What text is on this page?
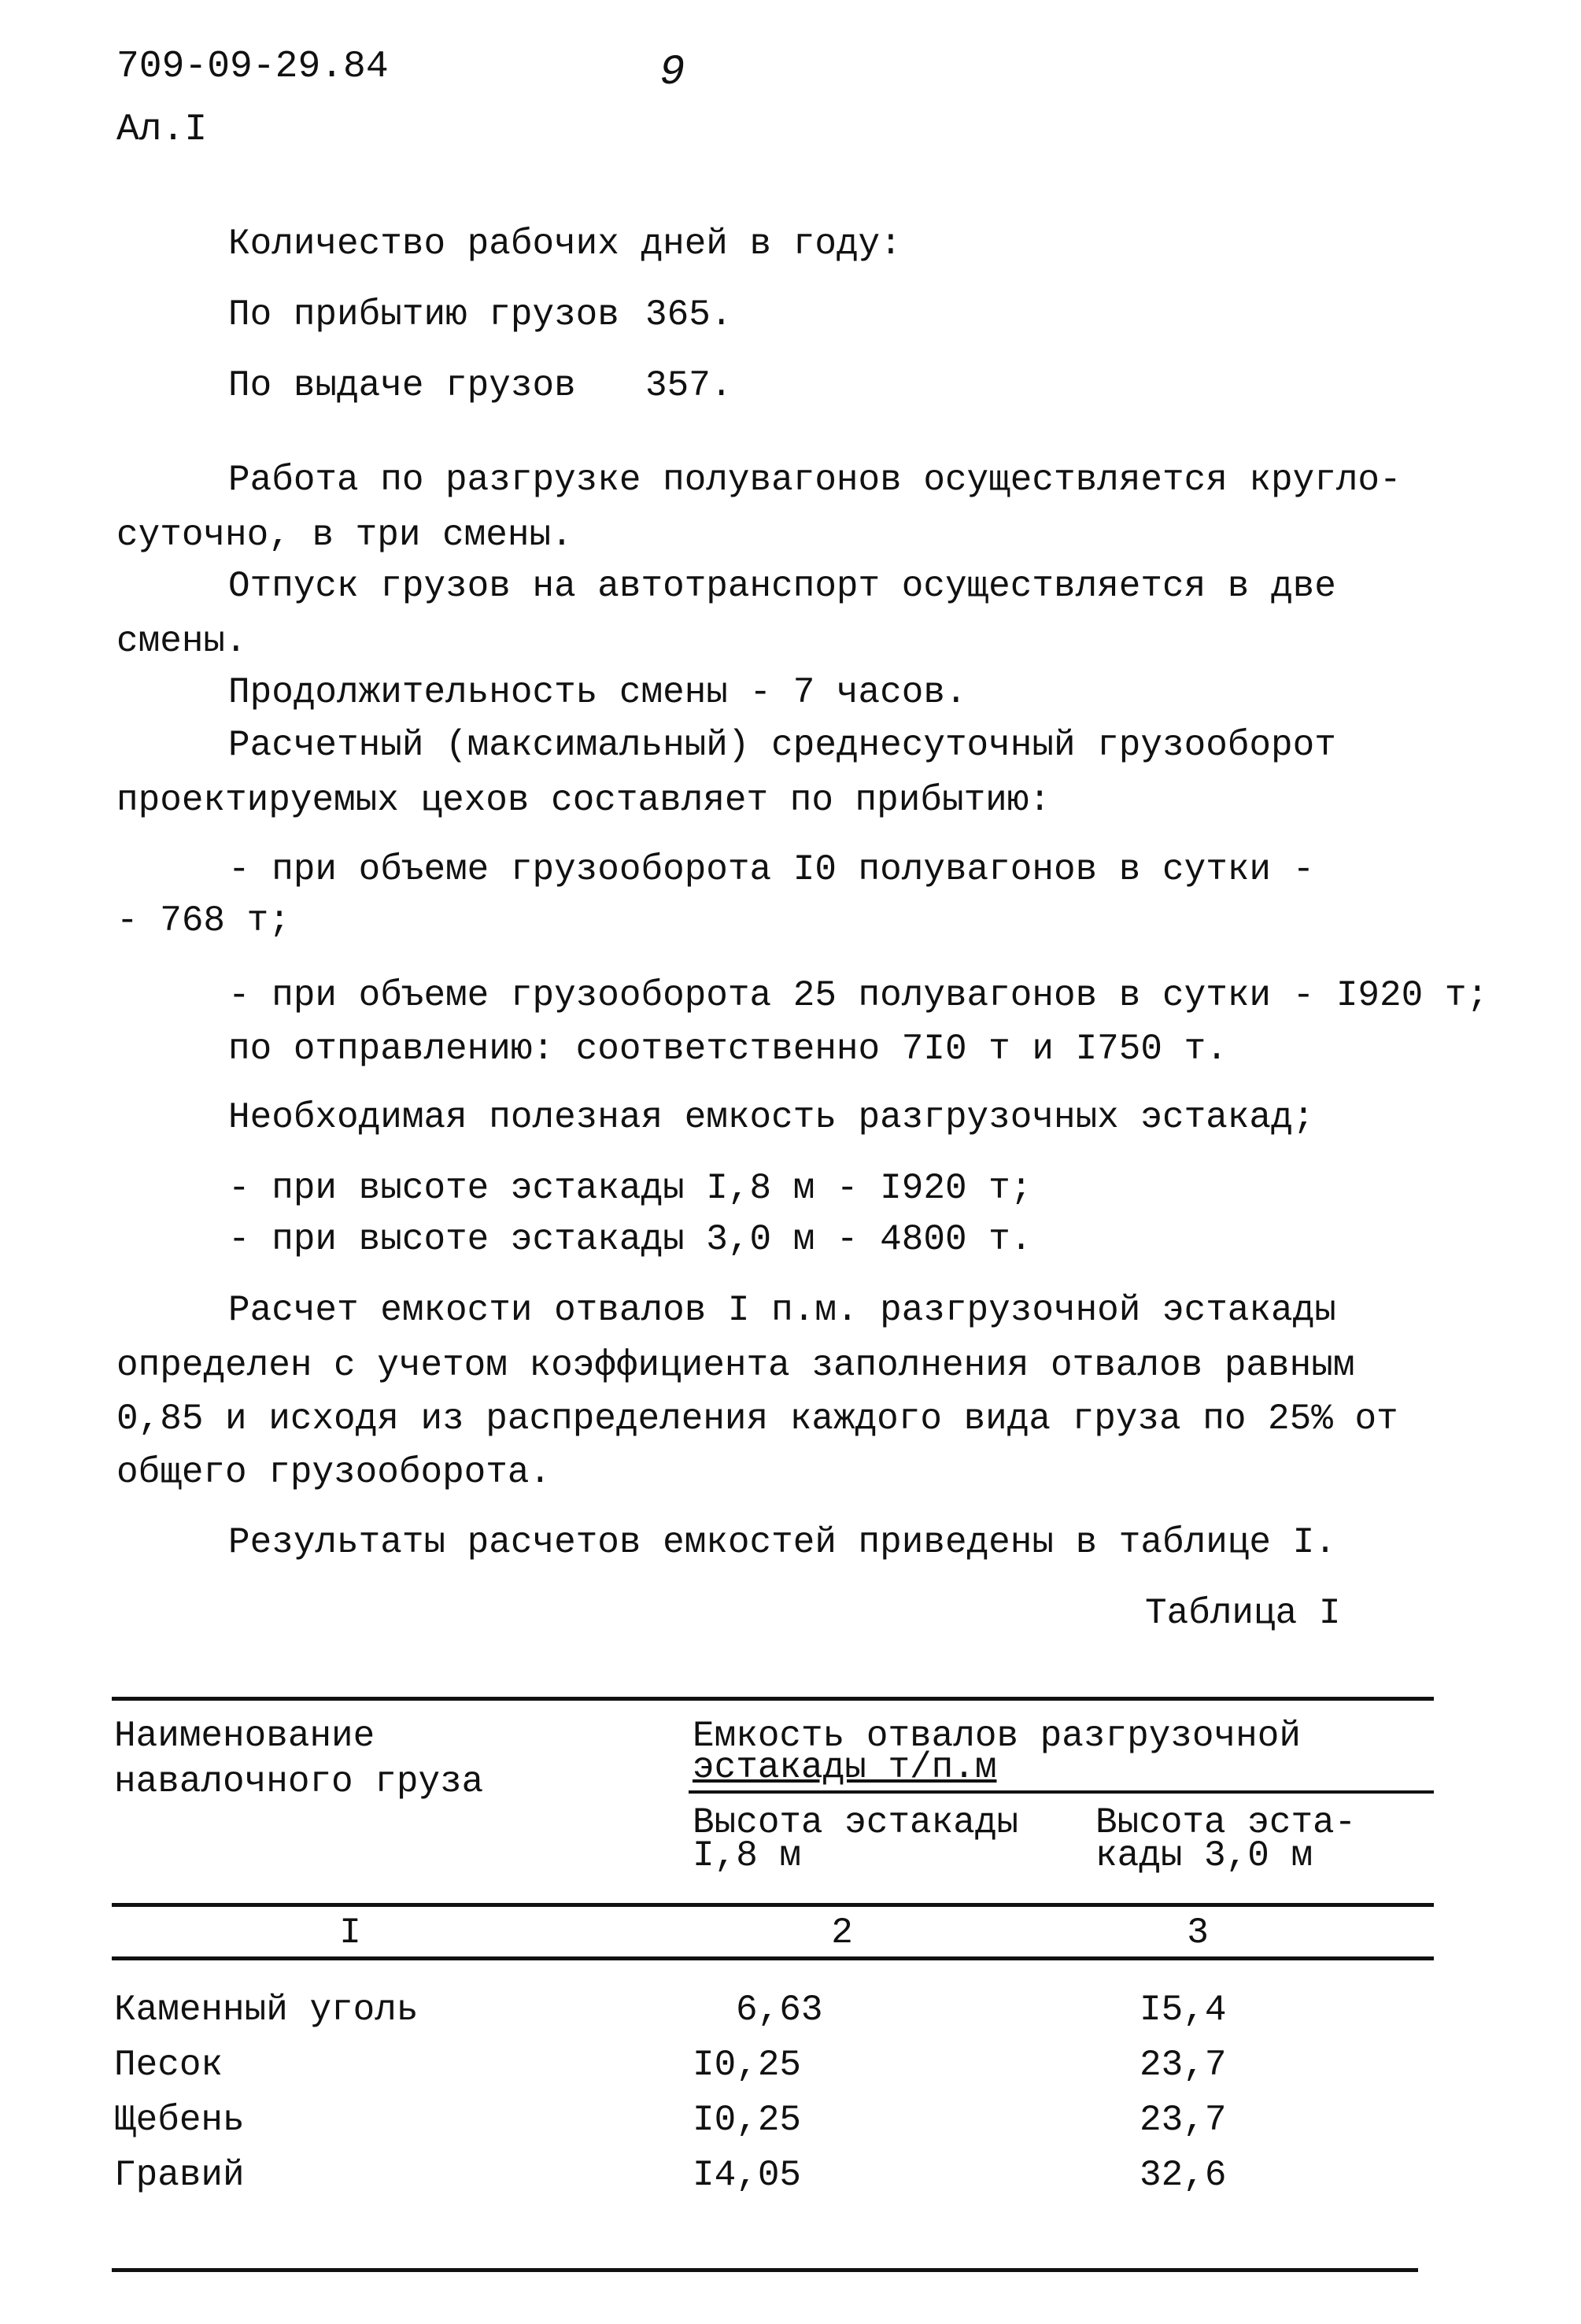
709-09-29.84
Ал.I
9
Количество рабочих дней в году:
По прибытию грузов 365.
По выдаче грузов 357.
Работа по разгрузке полувагонов осуществляется кругло-
суточно, в три смены.
Отпуск грузов на автотранспорт осуществляется в две
смены.
Продолжительность смены - 7 часов.
Расчетный (максимальный) среднесуточный грузооборот
проектируемых цехов составляет по прибытию:
- при объеме грузооборота I0 полувагонов в сутки -
- 768 т;
- при объеме грузооборота 25 полувагонов в сутки - I920 т;
по отправлению: соответственно 7I0 т и I750 т.
Необходимая полезная емкость разгрузочных эстакад;
- при высоте эстакады I,8 м - I920 т;
- при высоте эстакады 3,0 м - 4800 т.
Расчет емкости отвалов I п.м. разгрузочной эстакады
определен с учетом коэффициента заполнения отвалов равным
0,85 и исходя из распределения каждого вида груза по 25% от
общего грузооборота.
Результаты расчетов емкостей приведены в таблице I.
Таблица I
Наименование
навалочного груза
Емкость отвалов разгрузочной
эстакады т/п.м
Высота эстакады
I,8 м
Высота эста-
кады 3,0 м
I	2	3
Каменный уголь	6,63	I5,4
Песок	I0,25	23,7
Щебень	I0,25	23,7
Гравий	I4,05	32,6
